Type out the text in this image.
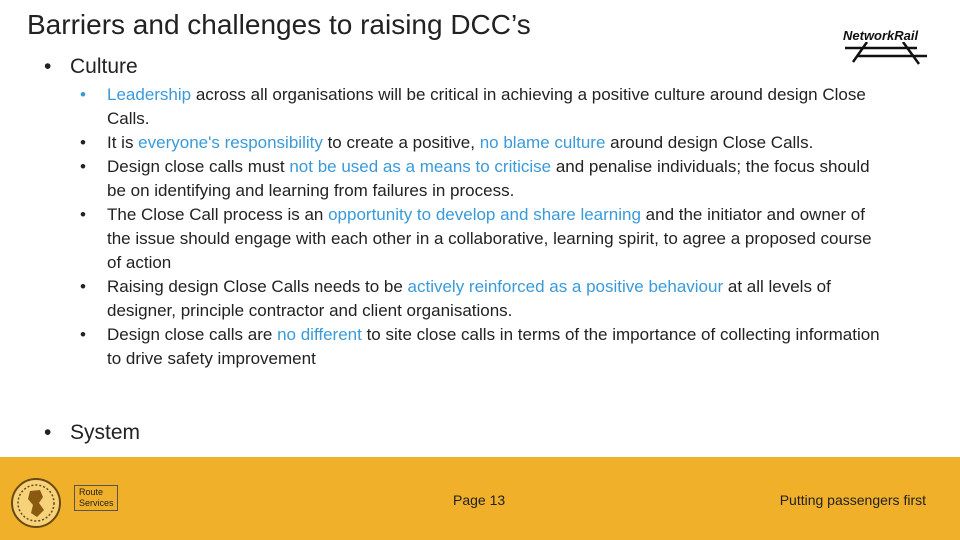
Barriers and challenges to raising DCC’s	NetworkRail
• Culture
• Leadership across all organisations will be critical in achieving a positive culture around design Close Calls.
• It is everyone's responsibility to create a positive, no blame culture around design Close Calls.
• Design close calls must not be used as a means to criticise and penalise individuals; the focus should be on identifying and learning from failures in process.
• The Close Call process is an opportunity to develop and share learning and the initiator and owner of the issue should engage with each other in a collaborative, learning spirit, to agree a proposed course of action
• Raising design Close Calls needs to be actively reinforced as a positive behaviour at all levels of designer, principle contractor and client organisations.
• Design close calls are no different to site close calls in terms of the importance of collecting information to drive safety improvement
• System
Route
Services	Page 13	Putting passengers first
